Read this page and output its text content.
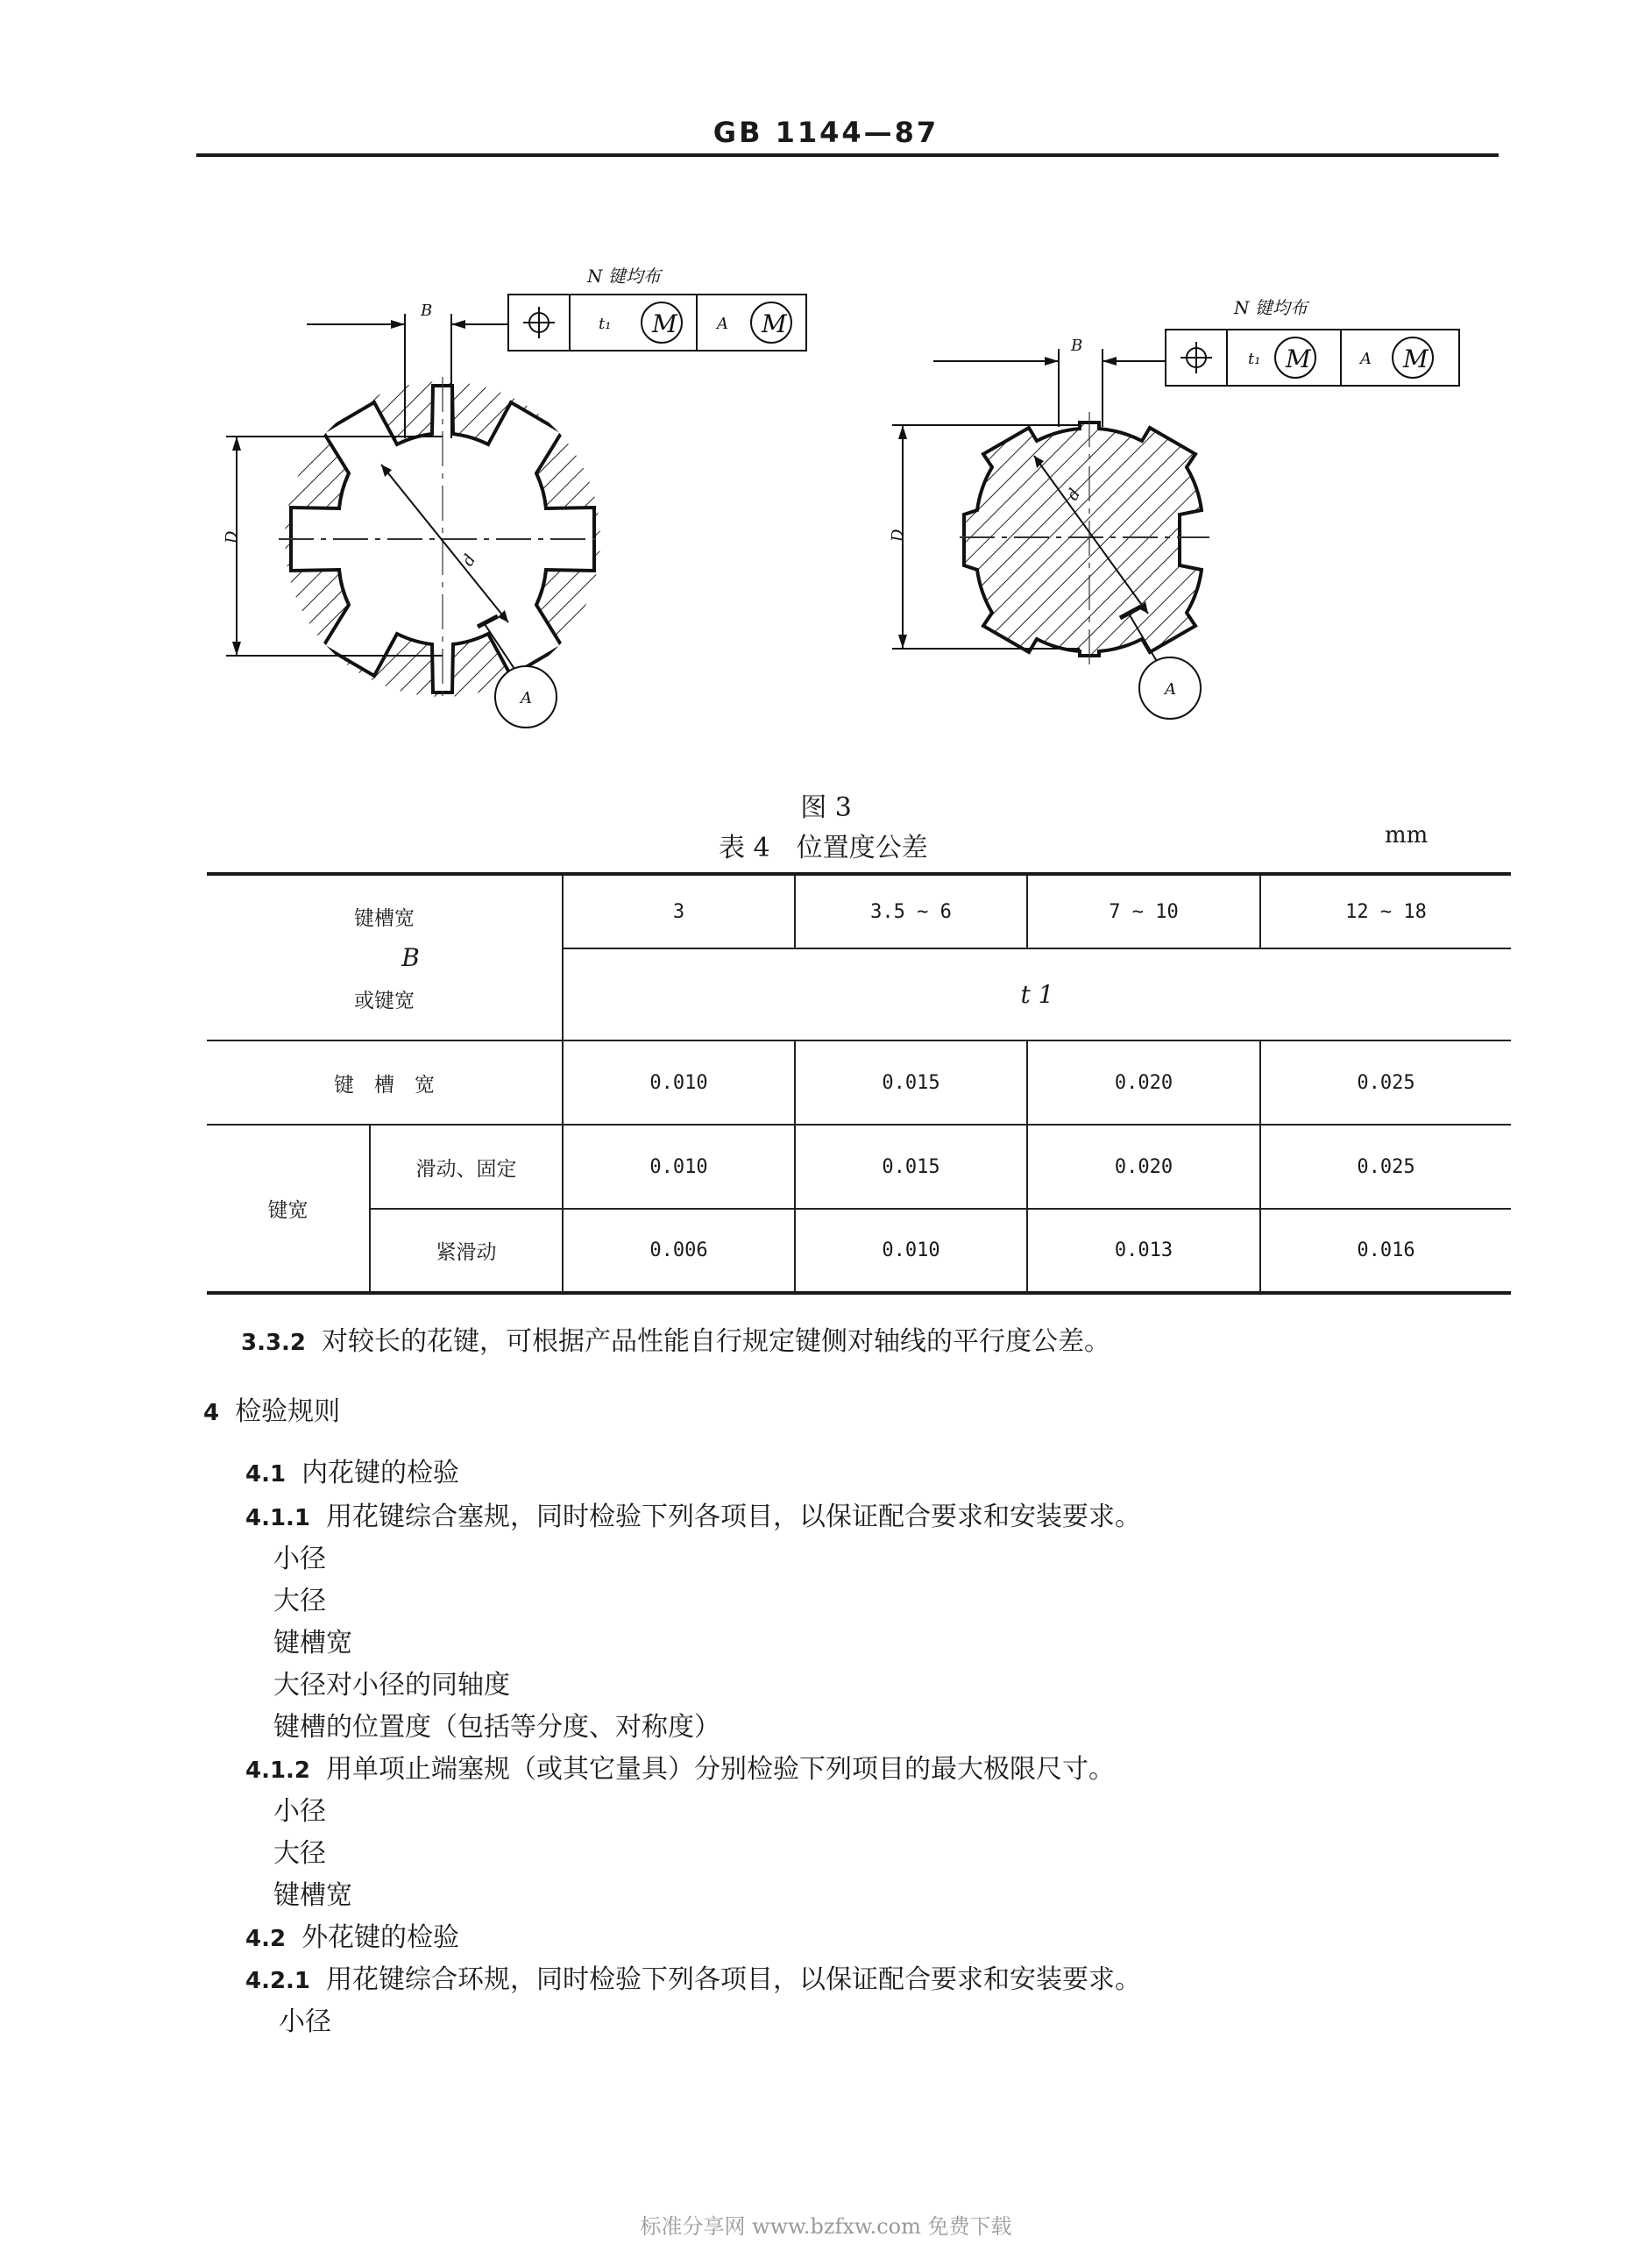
GB 1144—87
B
D
d
A
N 键均布
t₁ M	A M
B
D
d
A
N 键均布
t₁ M	A M
图 3
表 4　位置度公差	mm
键槽宽
B
或键宽		3	3.5 ~ 6	7 ~ 10	12 ~ 18
		t 1			
键　槽　宽		0.010	0.015	0.020	0.025
键宽	滑动、固定	0.010	0.015	0.020	0.025
	紧滑动	0.006	0.010	0.013	0.016
3.3.2 对较长的花键，可根据产品性能自行规定键侧对轴线的平行度公差。
4 检验规则
4.1 内花键的检验
4.1.1 用花键综合塞规，同时检验下列各项目，以保证配合要求和安装要求。
小径
大径
键槽宽
大径对小径的同轴度
键槽的位置度（包括等分度、对称度）
4.1.2 用单项止端塞规（或其它量具）分别检验下列项目的最大极限尺寸。
小径
大径
键槽宽
4.2 外花键的检验
4.2.1 用花键综合环规，同时检验下列各项目，以保证配合要求和安装要求。
小径
标准分享网 www.bzfxw.com 免费下载
